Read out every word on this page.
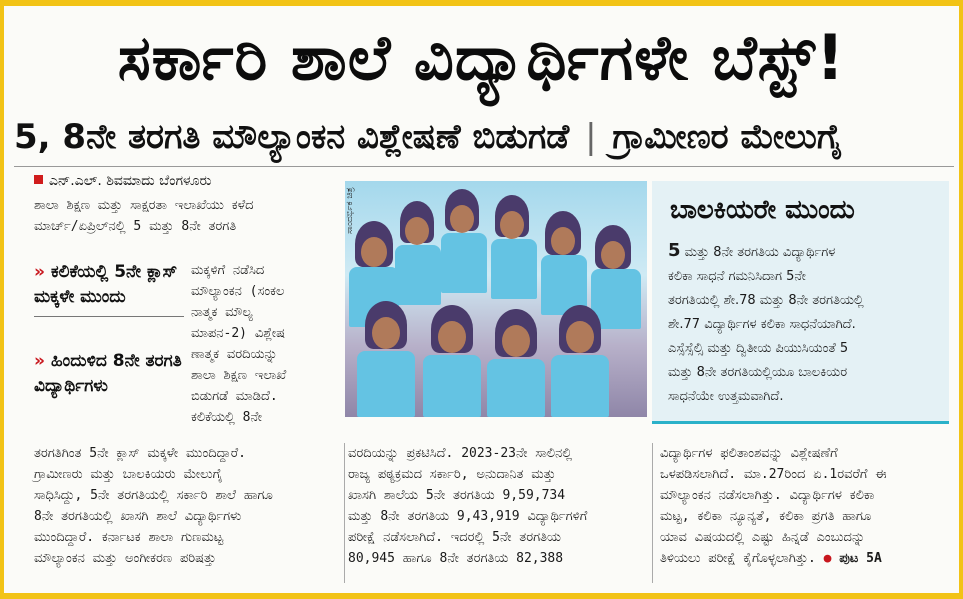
ಸರ್ಕಾರಿ ಶಾಲೆ ವಿದ್ಯಾರ್ಥಿಗಳೇ ಬೆಸ್ಟ್!
5, 8ನೇ ತರಗತಿ ಮೌಲ್ಯಾಂಕನ ವಿಶ್ಲೇಷಣೆ ಬಿಡುಗಡೆ | ಗ್ರಾಮೀಣರ ಮೇಲುಗೈ
ಎನ್.ಎಲ್. ಶಿವಮಾದು ಬೆಂಗಳೂರು
ಶಾಲಾ ಶಿಕ್ಷಣ ಮತ್ತು ಸಾಕ್ಷರತಾ ಇಲಾಖೆಯು ಕಳೆದ
ಮಾರ್ಚ್/ಏಪ್ರಿಲ್‌ನಲ್ಲಿ 5 ಮತ್ತು 8ನೇ ತರಗತಿ
» ಕಲಿಕೆಯಲ್ಲಿ 5ನೇ ಕ್ಲಾಸ್ ಮಕ್ಕಳೇ ಮುಂದು
» ಹಿಂದುಳಿದ 8ನೇ ತರಗತಿ ವಿದ್ಯಾರ್ಥಿಗಳು
ಮಕ್ಕಳಿಗೆ ನಡೆಸಿದ
ಮೌಲ್ಯಾಂಕನ (ಸಂಕಲ
ನಾತ್ಮಕ ಮೌಲ್ಯ
ಮಾಪನ-2) ವಿಶ್ಲೇಷ
ಣಾತ್ಮಕ ವರದಿಯನ್ನು
ಶಾಲಾ ಶಿಕ್ಷಣ ಇಲಾಖೆ
ಬಿಡುಗಡೆ ಮಾಡಿದೆ.
ಕಲಿಕೆಯಲ್ಲಿ 8ನೇ
ಸಾಂದರ್ಭಿಕ ಚಿತ್ರ	ಬಾಲಕಿಯರೇ ಮುಂದು
5 ಮತ್ತು 8ನೇ ತರಗತಿಯ ವಿದ್ಯಾರ್ಥಿಗಳ
ಕಲಿಕಾ ಸಾಧನೆ ಗಮನಿಸಿದಾಗ 5ನೇ
ತರಗತಿಯಲ್ಲಿ ಶೇ.78 ಮತ್ತು 8ನೇ ತರಗತಿಯಲ್ಲಿ
ಶೇ.77 ವಿದ್ಯಾರ್ಥಿಗಳ ಕಲಿಕಾ ಸಾಧನೆಯಾಗಿದೆ.
ಎಸ್ಸೆಸ್ಸೆಲ್ಸಿ ಮತ್ತು ದ್ವಿತೀಯ ಪಿಯುಸಿಯಂತೆ 5
ಮತ್ತು 8ನೇ ತರಗತಿಯಲ್ಲಿಯೂ ಬಾಲಕಿಯರ
ಸಾಧನೆಯೇ ಉತ್ತಮವಾಗಿದೆ.
ತರಗತಿಗಿಂತ 5ನೇ ಕ್ಲಾಸ್ ಮಕ್ಕಳೇ ಮುಂದಿದ್ದಾರೆ.
ಗ್ರಾಮೀಣರು ಮತ್ತು ಬಾಲಕಿಯರು ಮೇಲುಗೈ
ಸಾಧಿಸಿದ್ದು, 5ನೇ ತರಗತಿಯಲ್ಲಿ ಸರ್ಕಾರಿ ಶಾಲೆ ಹಾಗೂ
8ನೇ ತರಗತಿಯಲ್ಲಿ ಖಾಸಗಿ ಶಾಲೆ ವಿದ್ಯಾರ್ಥಿಗಳು
ಮುಂದಿದ್ದಾರೆ. ಕರ್ನಾಟಕ ಶಾಲಾ ಗುಣಮಟ್ಟ
ಮೌಲ್ಯಾಂಕನ ಮತ್ತು ಅಂಗೀಕರಣ ಪರಿಷತ್ತು
ವರದಿಯನ್ನು ಪ್ರಕಟಿಸಿದೆ. 2023-23ನೇ ಸಾಲಿನಲ್ಲಿ
ರಾಜ್ಯ ಪಠ್ಯಕ್ರಮದ ಸರ್ಕಾರಿ, ಅನುದಾನಿತ ಮತ್ತು
ಖಾಸಗಿ ಶಾಲೆಯ 5ನೇ ತರಗತಿಯ 9,59,734
ಮತ್ತು 8ನೇ ತರಗತಿಯ 9,43,919 ವಿದ್ಯಾರ್ಥಿಗಳಿಗೆ
ಪರೀಕ್ಷೆ ನಡೆಸಲಾಗಿದೆ. ಇದರಲ್ಲಿ 5ನೇ ತರಗತಿಯ
80,945 ಹಾಗೂ 8ನೇ ತರಗತಿಯ 82,388
ವಿದ್ಯಾರ್ಥಿಗಳ ಫಲಿತಾಂಶವನ್ನು ವಿಶ್ಲೇಷಣೆಗೆ
ಒಳಪಡಿಸಲಾಗಿದೆ. ಮಾ.27ರಿಂದ ಏ.1ರವರೆಗೆ ಈ
ಮೌಲ್ಯಾಂಕನ ನಡೆಸಲಾಗಿತ್ತು. ವಿದ್ಯಾರ್ಥಿಗಳ ಕಲಿಕಾ
ಮಟ್ಟ, ಕಲಿಕಾ ನ್ಯೂನ್ಯತೆ, ಕಲಿಕಾ ಪ್ರಗತಿ ಹಾಗೂ
ಯಾವ ವಿಷಯದಲ್ಲಿ ಎಷ್ಟು ಹಿನ್ನಡೆ ಎಂಬುದನ್ನು
ತಿಳಿಯಲು ಪರೀಕ್ಷೆ ಕೈಗೊಳ್ಳಲಾಗಿತ್ತು. ● ಪುಟ 5A
